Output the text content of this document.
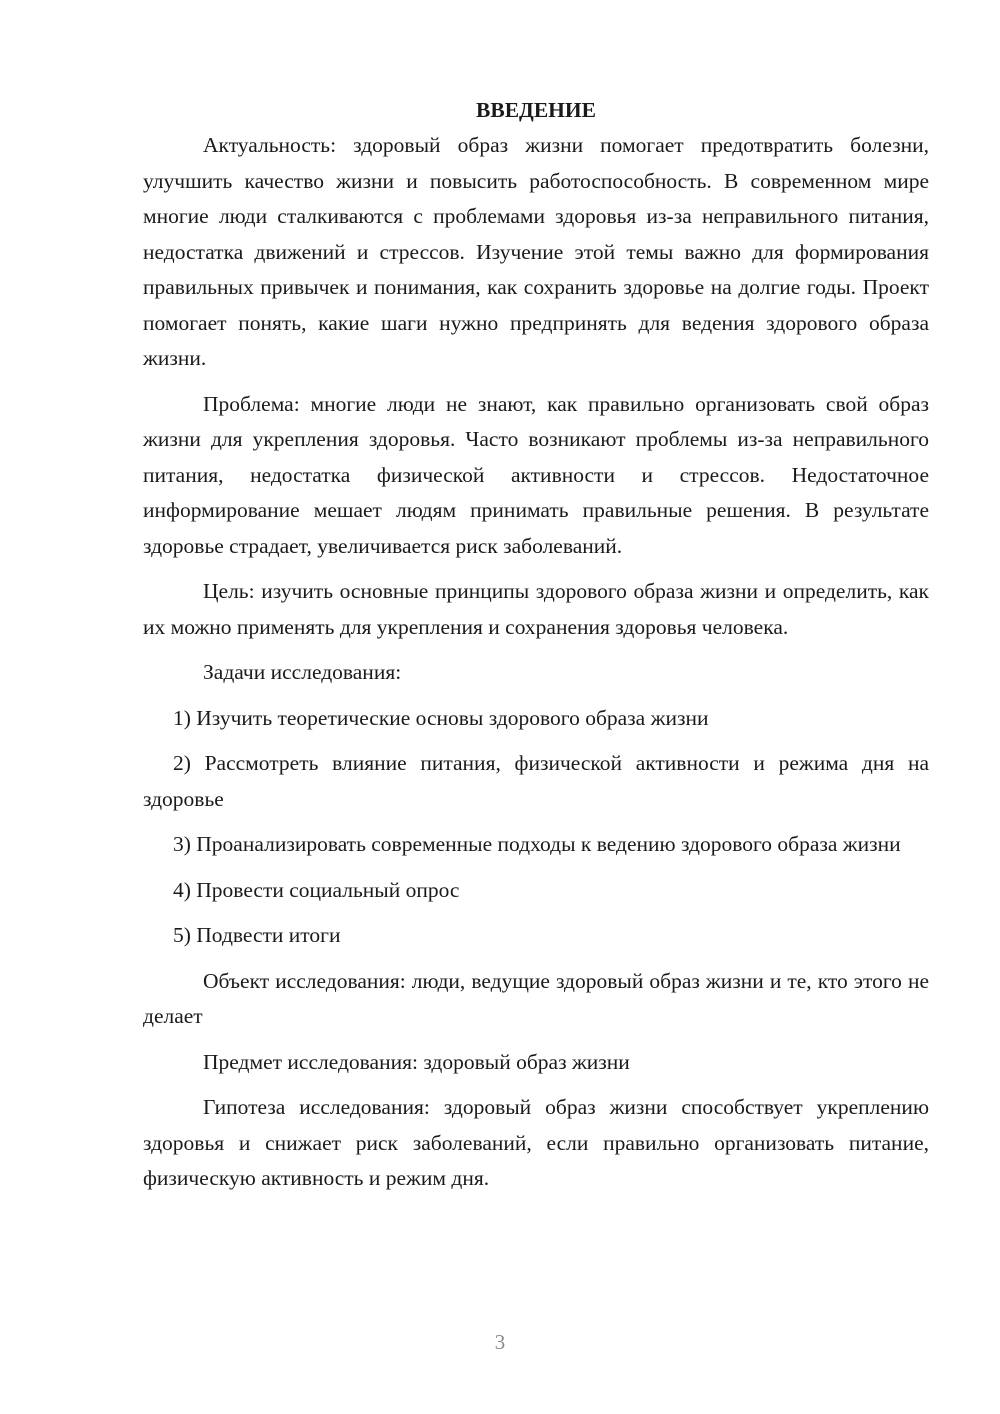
ВВЕДЕНИЕ

Актуальность: здоровый образ жизни помогает предотвратить болезни, улучшить качество жизни и повысить работоспособность. В современном мире многие люди сталкиваются с проблемами здоровья из-за неправильного питания, недостатка движений и стрессов. Изучение этой темы важно для формирования правильных привычек и понимания, как сохранить здоровье на долгие годы. Проект помогает понять, какие шаги нужно предпринять для ведения здорового образа жизни.

Проблема: многие люди не знают, как правильно организовать свой образ жизни для укрепления здоровья. Часто возникают проблемы из-за неправильного питания, недостатка физической активности и стрессов. Недостаточное информирование мешает людям принимать правильные решения. В результате здоровье страдает, увеличивается риск заболеваний.

Цель: изучить основные принципы здорового образа жизни и определить, как их можно применять для укрепления и сохранения здоровья человека.

Задачи исследования:

1) Изучить теоретические основы здорового образа жизни

2) Рассмотреть влияние питания, физической активности и режима дня на здоровье

3) Проанализировать современные подходы к ведению здорового образа жизни

4) Провести социальный опрос

5) Подвести итоги

Объект исследования: люди, ведущие здоровый образ жизни и те, кто этого не делает

Предмет исследования: здоровый образ жизни

Гипотеза исследования: здоровый образ жизни способствует укреплению здоровья и снижает риск заболеваний, если правильно организовать питание, физическую активность и режим дня.

3
